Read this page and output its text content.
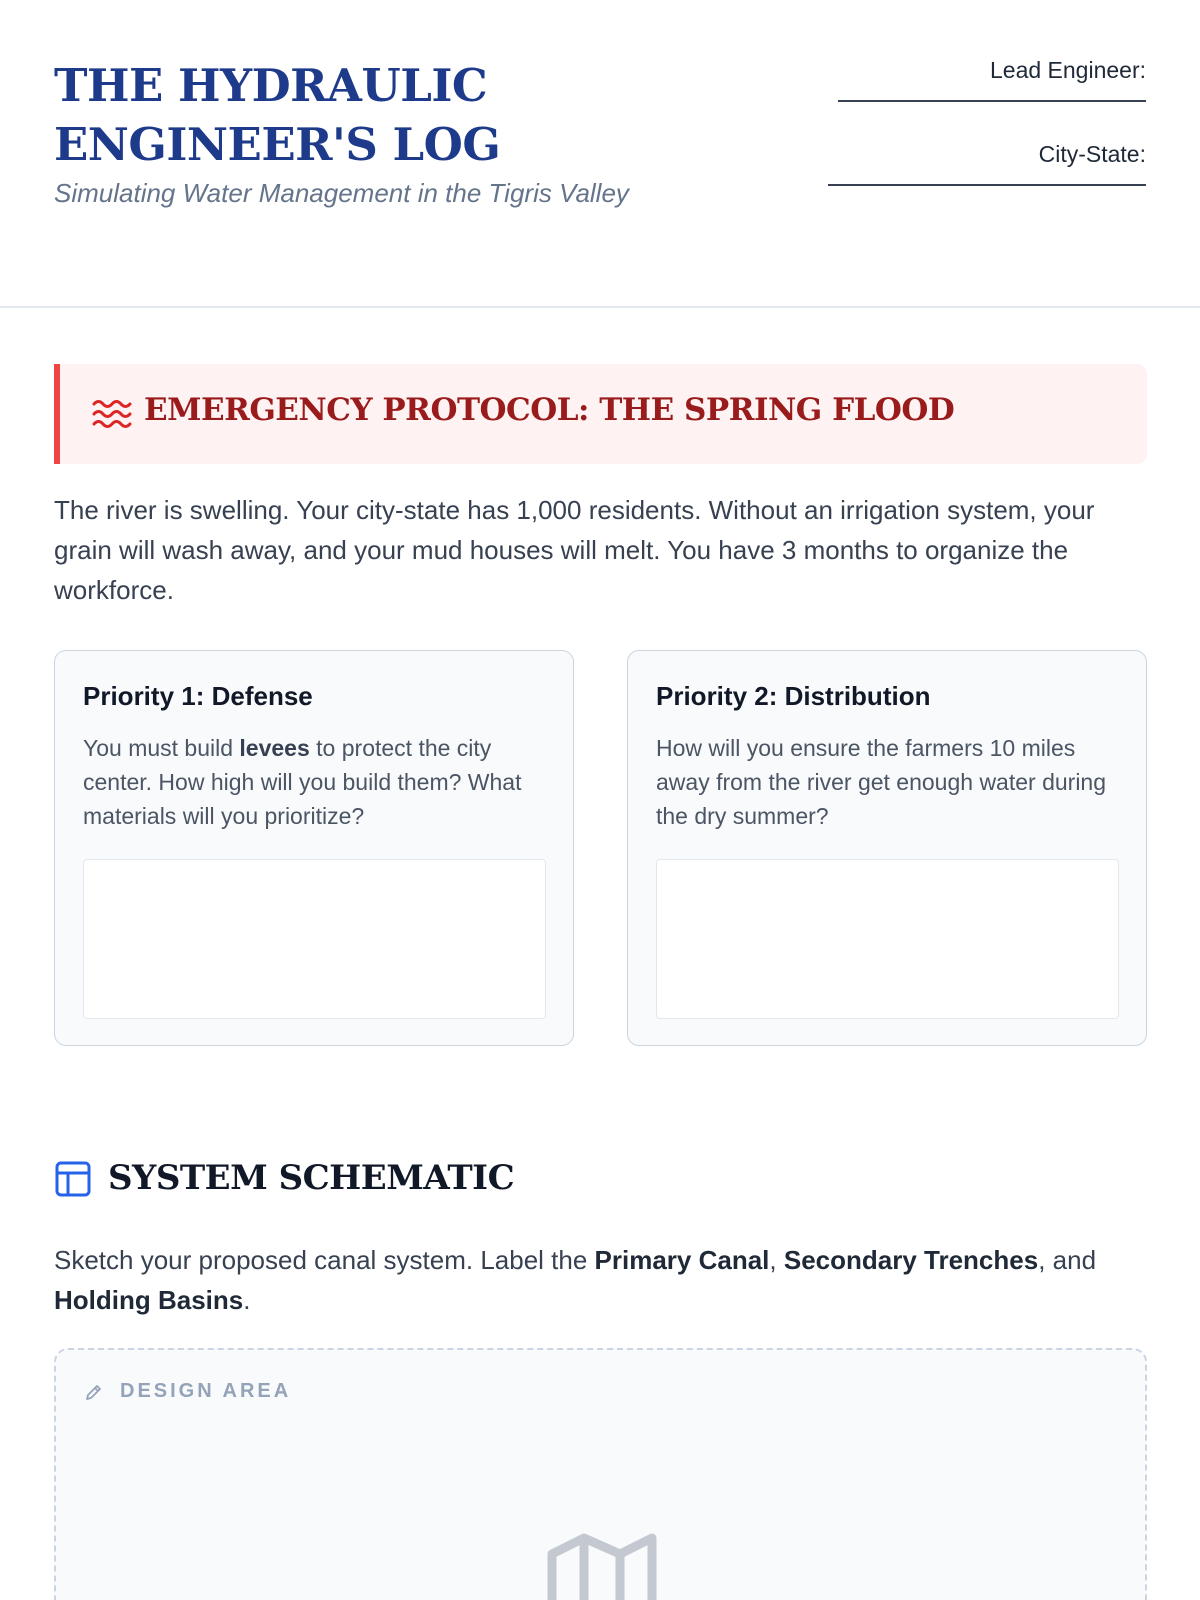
THE HYDRAULIC ENGINEER'S LOG
Simulating Water Management in the Tigris Valley
Lead Engineer:
City-State:
EMERGENCY PROTOCOL: THE SPRING FLOOD

The river is swelling. Your city-state has 1,000 residents. Without an irrigation system, your grain will wash away, and your mud houses will melt. You have 3 months to organize the workforce.

Priority 1: Defense

You must build levees to protect the city center. How high will you build them? What materials will you prioritize?

Priority 2: Distribution

How will you ensure the farmers 10 miles away from the river get enough water during the dry summer?

SYSTEM SCHEMATIC

Sketch your proposed canal system. Label the Primary Canal, Secondary Trenches, and Holding Basins.

DESIGN AREA
